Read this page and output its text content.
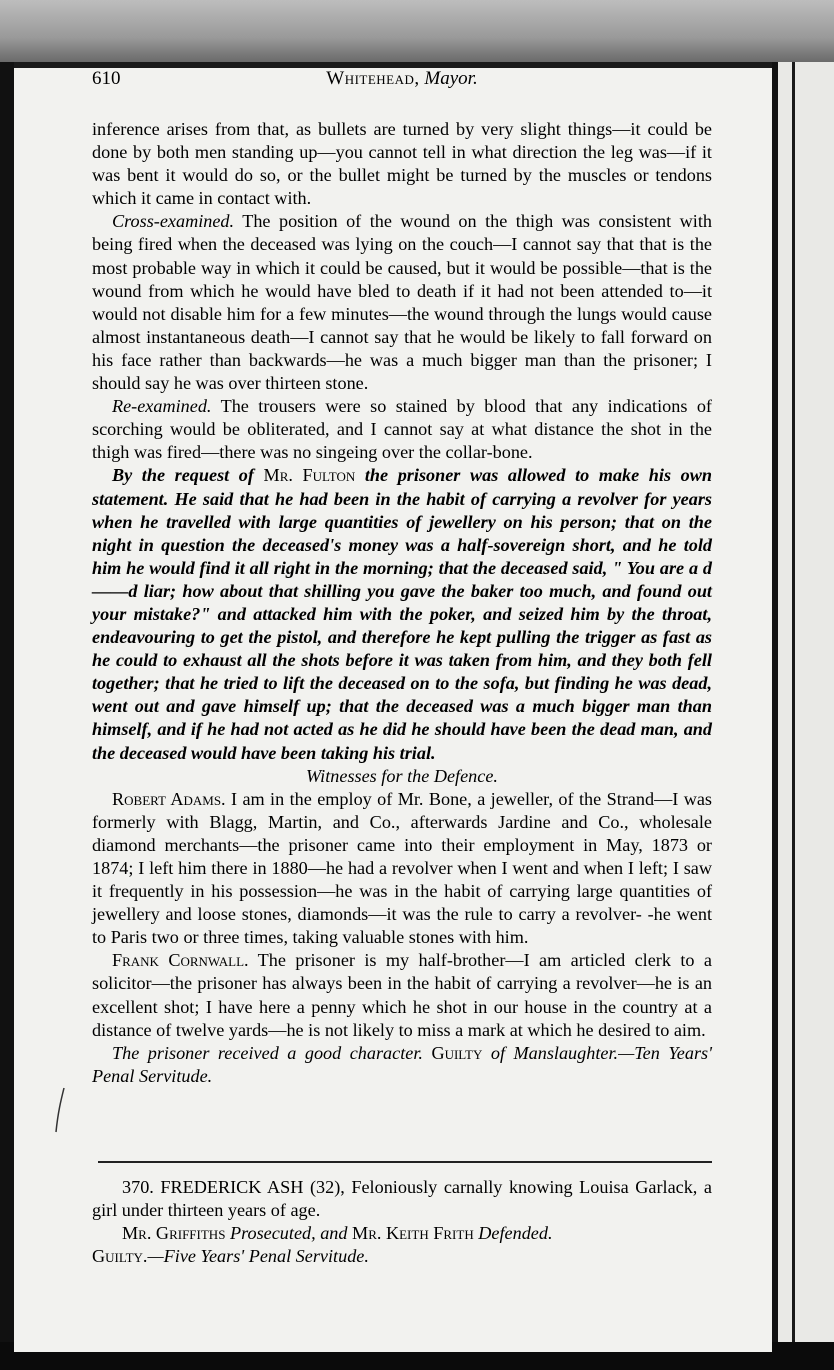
610	Whitehead, Mayor.

inference arises from that, as bullets are turned by very slight things—it could be done by both men standing up—you cannot tell in what direction the leg was—if it was bent it would do so, or the bullet might be turned by the muscles or tendons which it came in contact with.

Cross-examined. The position of the wound on the thigh was consistent with being fired when the deceased was lying on the couch—I cannot say that that is the most probable way in which it could be caused, but it would be possible—that is the wound from which he would have bled to death if it had not been attended to—it would not disable him for a few minutes—the wound through the lungs would cause almost instantaneous death—I cannot say that he would be likely to fall forward on his face rather than backwards—he was a much bigger man than the prisoner; I should say he was over thirteen stone.

Re-examined. The trousers were so stained by blood that any indications of scorching would be obliterated, and I cannot say at what distance the shot in the thigh was fired—there was no singeing over the collar-bone.

By the request of Mr. Fulton the prisoner was allowed to make his own statement. He said that he had been in the habit of carrying a revolver for years when he travelled with large quantities of jewellery on his person; that on the night in question the deceased's money was a half-sovereign short, and he told him he would find it all right in the morning; that the deceased said, " You are a d——d liar; how about that shilling you gave the baker too much, and found out your mistake?" and attacked him with the poker, and seized him by the throat, endeavouring to get the pistol, and therefore he kept pulling the trigger as fast as he could to exhaust all the shots before it was taken from him, and they both fell together; that he tried to lift the deceased on to the sofa, but finding he was dead, went out and gave himself up; that the deceased was a much bigger man than himself, and if he had not acted as he did he should have been the dead man, and the deceased would have been taking his trial.

Witnesses for the Defence.

Robert Adams. I am in the employ of Mr. Bone, a jeweller, of the Strand—I was formerly with Blagg, Martin, and Co., afterwards Jardine and Co., wholesale diamond merchants—the prisoner came into their employment in May, 1873 or 1874; I left him there in 1880—he had a revolver when I went and when I left; I saw it frequently in his possession—he was in the habit of carrying large quantities of jewellery and loose stones, diamonds—it was the rule to carry a revolver- -he went to Paris two or three times, taking valuable stones with him.

Frank Cornwall. The prisoner is my half-brother—I am articled clerk to a solicitor—the prisoner has always been in the habit of carrying a revolver—he is an excellent shot; I have here a penny which he shot in our house in the country at a distance of twelve yards—he is not likely to miss a mark at which he desired to aim.

The prisoner received a good character. Guilty of Manslaughter.—Ten Years' Penal Servitude.

370. FREDERICK ASH (32), Feloniously carnally knowing Louisa Garlack, a girl under thirteen years of age.

Mr. Griffiths Prosecuted, and Mr. Keith Frith Defended.

Guilty.—Five Years' Penal Servitude.
